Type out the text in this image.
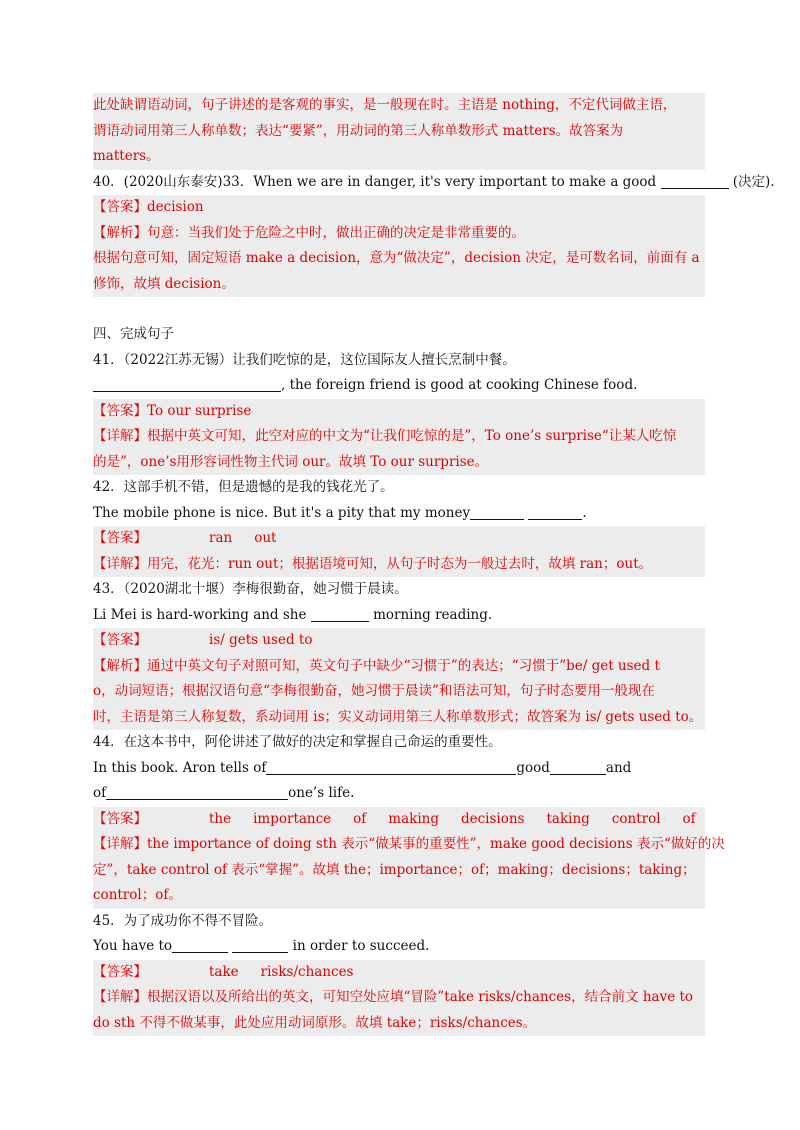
此处缺谓语动词，句子讲述的是客观的事实，是一般现在时。主语是 nothing，不定代词做主语，
谓语动词用第三人称单数；表达“要紧”，用动词的第三人称单数形式 matters。故答案为
matters。
40．(2020山东泰安)33．When we are in danger, it's very important to make a good	(决定).
【答案】decision
【解析】句意：当我们处于危险之中时，做出正确的决定是非常重要的。
根据句意可知，固定短语 make a decision，意为“做决定”，decision 决定，是可数名词，前面有 a
修饰，故填 decision。
四、完成句子
41．（2022江苏无锡）让我们吃惊的是，这位国际友人擅长烹制中餐。
, the foreign friend is good at cooking Chinese food.
【答案】To our surprise
【详解】根据中英文可知，此空对应的中文为“让我们吃惊的是”，To one’s surprise“让某人吃惊
的是”，one’s用形容词性物主代词 our。故填 To our surprise。
42．这部手机不错，但是遗憾的是我的钱花光了。
The mobile phone is nice. But it's a pity that my money	.
【答案】	ran out
【详解】用完，花光：run out；根据语境可知，从句子时态为一般过去时，故填 ran；out。
43．（2020湖北十堰）李梅很勤奋，她习惯于晨读。
Li Mei is hard-working and she	morning reading.
【答案】	is/ gets used to
【解析】通过中英文句子对照可知，英文句子中缺少“习惯于”的表达；“习惯于”be/ get used t
o，动词短语；根据汉语句意“李梅很勤奋，她习惯于晨读”和语法可知，句子时态要用一般现在
时，主语是第三人称复数，系动词用 is；实义动词用第三人称单数形式；故答案为 is/ gets used to。
44．在这本书中，阿伦讲述了做好的决定和掌握自己命运的重要性。
In this book. Aron tells of	good	and
of	one’s life.
【答案】	the importance of making decisions taking control of
【详解】the importance of doing sth 表示“做某事的重要性”，make good decisions 表示“做好的决
定”，take control of 表示“掌握”。故填 the；importance；of；making；decisions；taking；
control；of。
45．为了成功你不得不冒险。
You have to	in order to succeed.
【答案】	take risks/chances
【详解】根据汉语以及所给出的英文，可知空处应填“冒险”take risks/chances，结合前文 have to
do sth 不得不做某事，此处应用动词原形。故填 take；risks/chances。
